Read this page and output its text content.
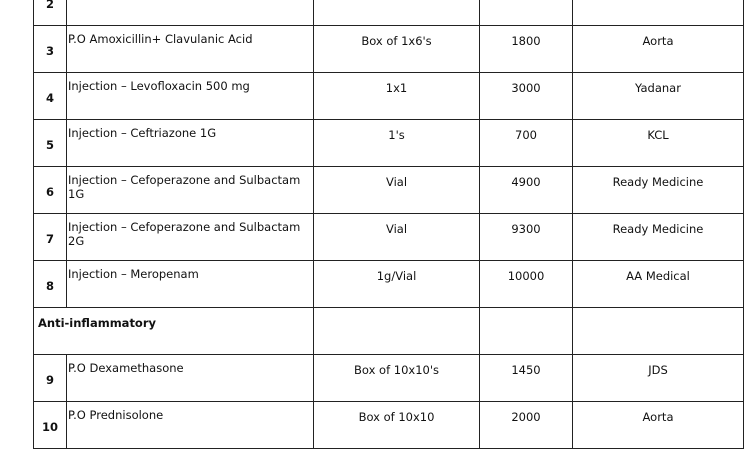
2				

3	P.O Amoxicillin+ Clavulanic Acid	Box of 1x6's	1800	Aorta

4	Injection – Levofloxacin 500 mg	1x1	3000	Yadanar

5	Injection – Ceftriazone 1G	1's	700	KCL

6	Injection – Cefoperazone and Sulbactam 1G	Vial	4900	Ready Medicine

7	Injection – Cefoperazone and Sulbactam 2G	Vial	9300	Ready Medicine

8	Injection – Meropenam	1g/Vial	10000	AA Medical

Anti-inflammatory				

9	P.O Dexamethasone	Box of 10x10's	1450	JDS

10	P.O Prednisolone	Box of 10x10	2000	Aorta
